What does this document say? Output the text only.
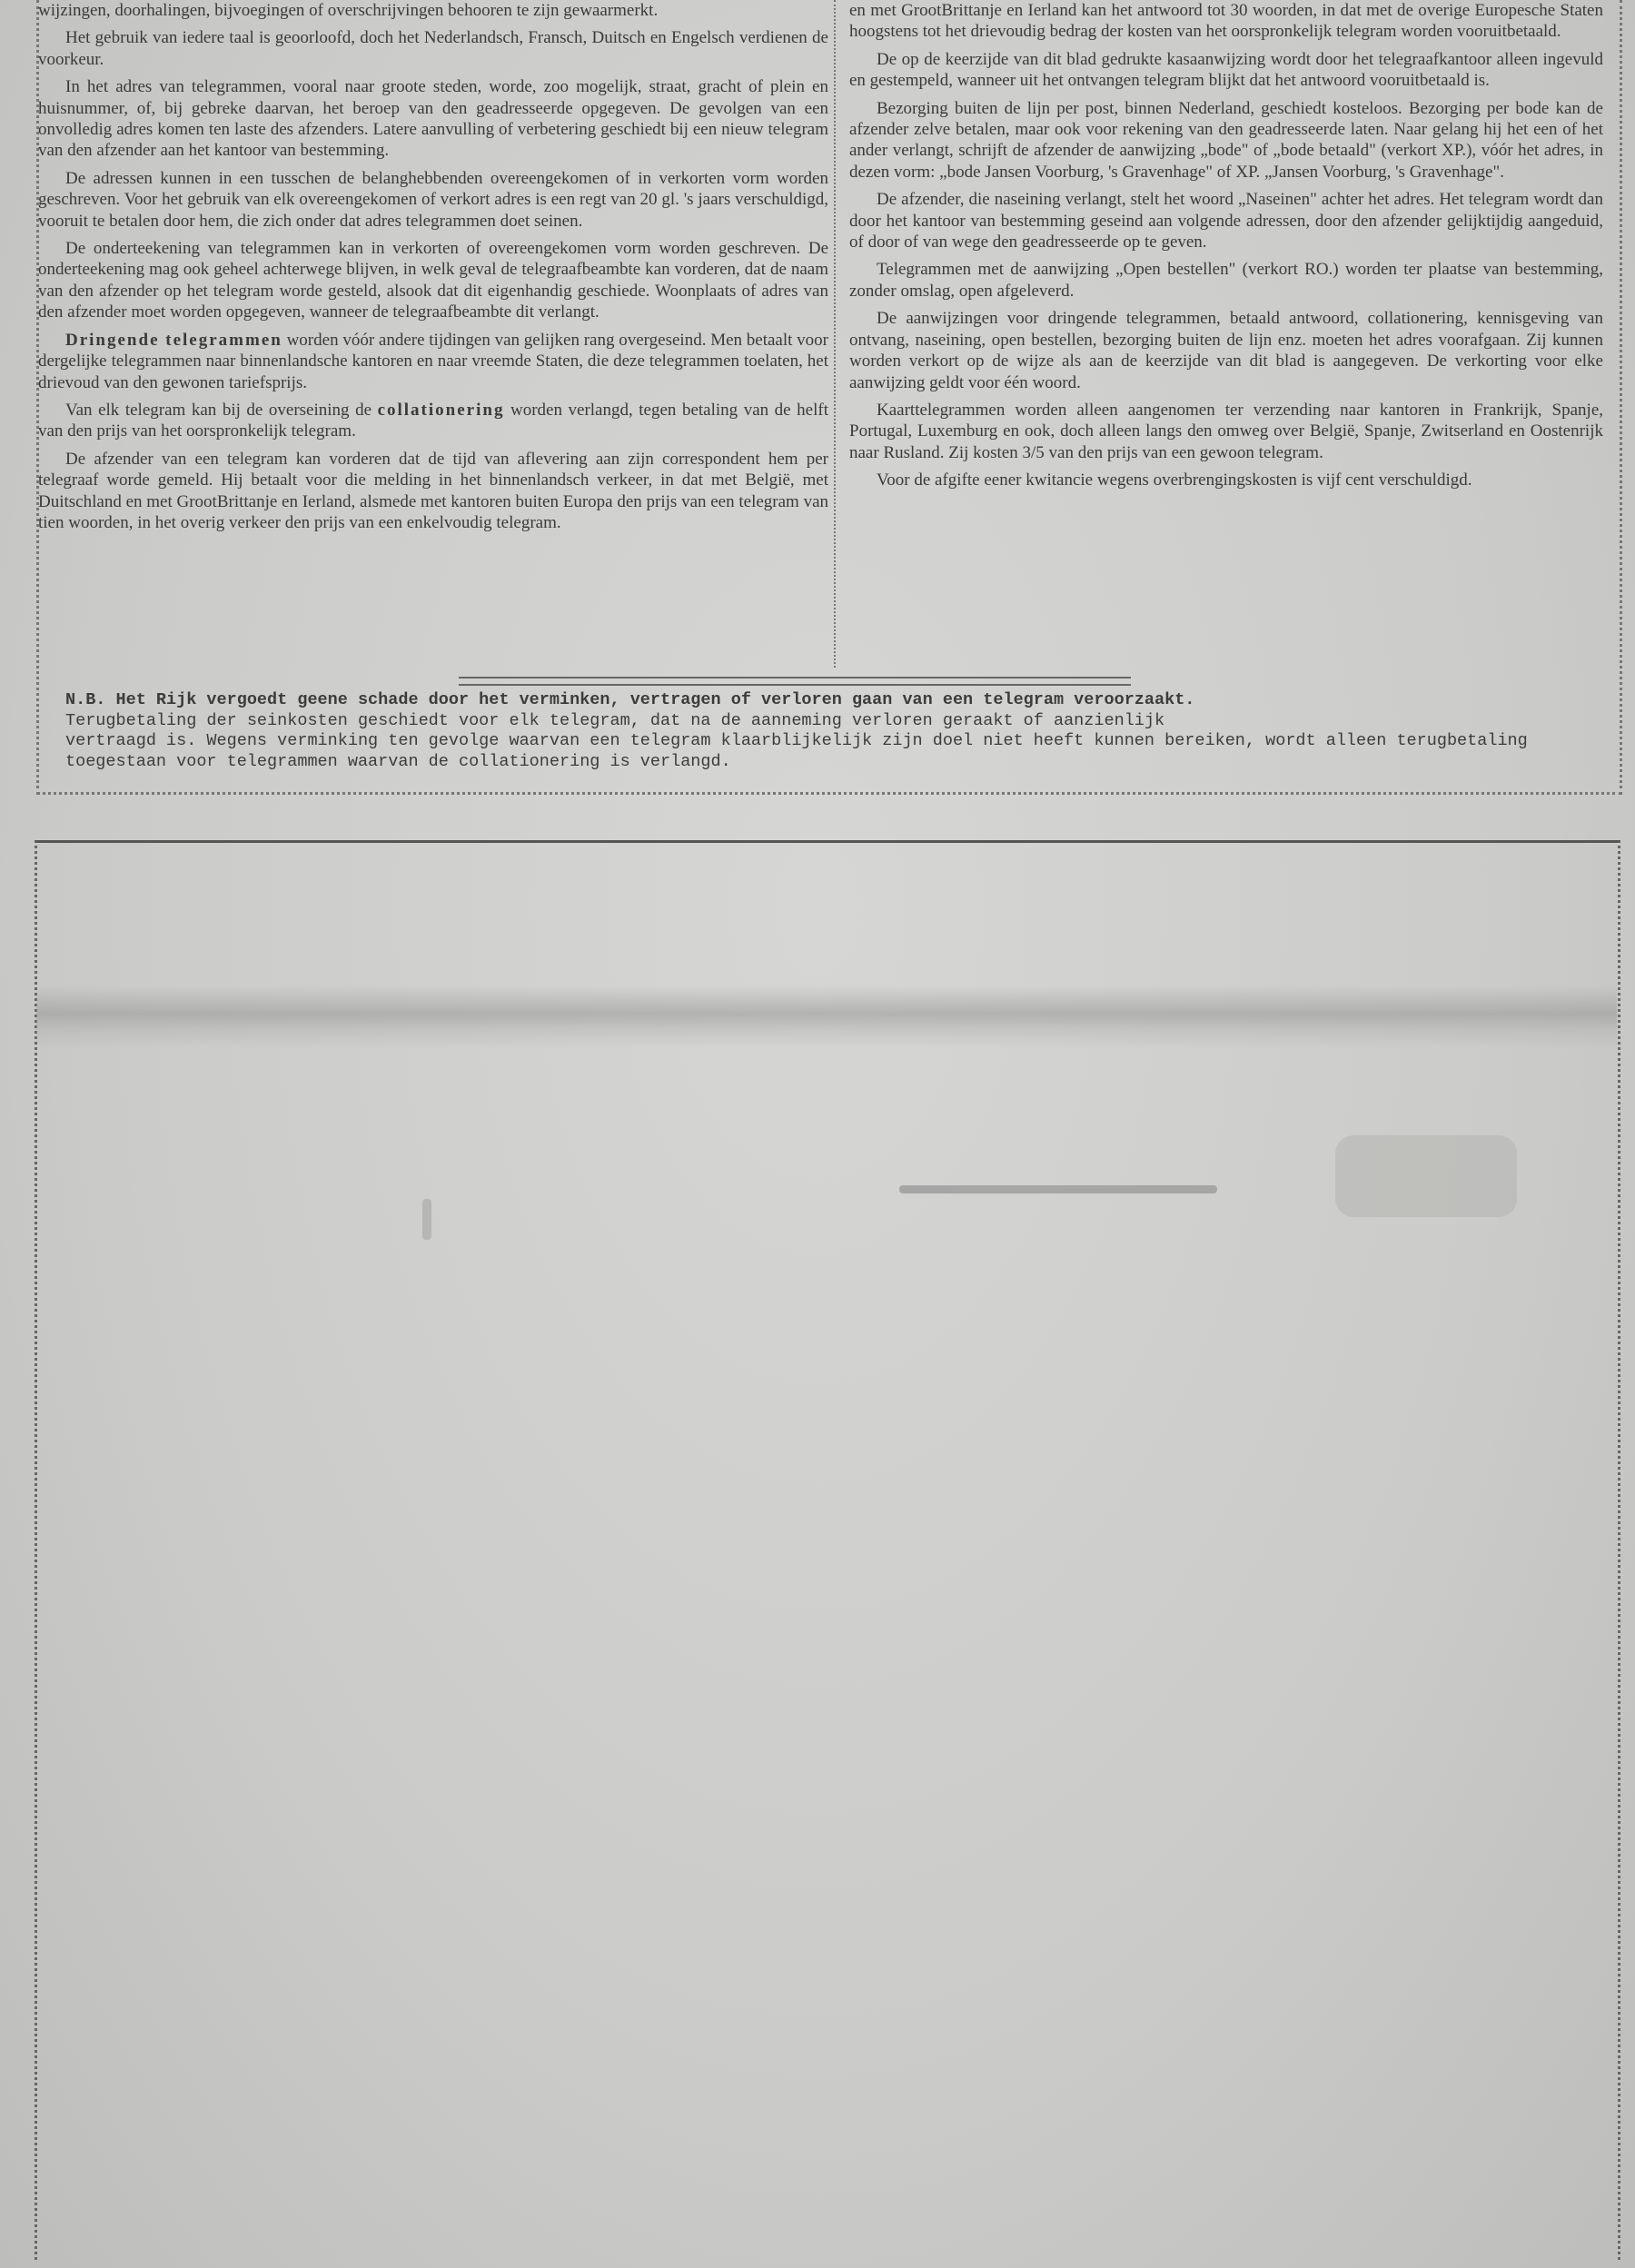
wijzingen, doorhalingen, bijvoegingen of overschrijvingen behooren te zijn gewaarmerkt.

Het gebruik van iedere taal is geoorloofd, doch het Nederlandsch, Fransch, Duitsch en Engelsch verdienen de voorkeur.

In het adres van telegrammen, vooral naar groote steden, worde, zoo mogelijk, straat, gracht of plein en huisnummer, of, bij gebreke daarvan, het beroep van den geadresseerde opgegeven. De gevolgen van een onvolledig adres komen ten laste des afzenders. Latere aanvulling of verbetering geschiedt bij een nieuw telegram van den afzender aan het kantoor van bestemming.

De adressen kunnen in een tusschen de belanghebbenden overeengekomen of in verkorten vorm worden geschreven. Voor het gebruik van elk overeengekomen of verkort adres is een regt van 20 gl. 's jaars verschuldigd, vooruit te betalen door hem, die zich onder dat adres telegrammen doet seinen.

De onderteekening van telegrammen kan in verkorten of overeengekomen vorm worden geschreven. De onderteekening mag ook geheel achterwege blijven, in welk geval de telegraafbeambte kan vorderen, dat de naam van den afzender op het telegram worde gesteld, alsook dat dit eigenhandig geschiede. Woonplaats of adres van den afzender moet worden opgegeven, wanneer de telegraafbeambte dit verlangt.

Dringende telegrammen worden vóór andere tijdingen van gelijken rang overgeseind. Men betaalt voor dergelijke telegrammen naar binnenlandsche kantoren en naar vreemde Staten, die deze telegrammen toelaten, het drievoud van den gewonen tariefsprijs.

Van elk telegram kan bij de overseining de collationering worden verlangd, tegen betaling van de helft van den prijs van het oorspronkelijk telegram.

De afzender van een telegram kan vorderen dat de tijd van aflevering aan zijn correspondent hem per telegraaf worde gemeld. Hij betaalt voor die melding in het binnenlandsch verkeer, in dat met België, met Duitschland en met GrootBrittanje en Ierland, alsmede met kantoren buiten Europa den prijs van een telegram van tien woorden, in het overig verkeer den prijs van een enkelvoudig telegram.

en met GrootBrittanje en Ierland kan het antwoord tot 30 woorden, in dat met de overige Europesche Staten hoogstens tot het drievoudig bedrag der kosten van het oorspronkelijk telegram worden vooruitbetaald.

De op de keerzijde van dit blad gedrukte kasaanwijzing wordt door het telegraafkantoor alleen ingevuld en gestempeld, wanneer uit het ontvangen telegram blijkt dat het antwoord vooruitbetaald is.

Bezorging buiten de lijn per post, binnen Nederland, geschiedt kosteloos. Bezorging per bode kan de afzender zelve betalen, maar ook voor rekening van den geadresseerde laten. Naar gelang hij het een of het ander verlangt, schrijft de afzender de aanwijzing „bode" of „bode betaald" (verkort XP.), vóór het adres, in dezen vorm: „bode Jansen Voorburg, 's Gravenhage" of XP. „Jansen Voorburg, 's Gravenhage".

De afzender, die naseining verlangt, stelt het woord „Naseinen" achter het adres. Het telegram wordt dan door het kantoor van bestemming geseind aan volgende adressen, door den afzender gelijktijdig aangeduid, of door of van wege den geadresseerde op te geven.

Telegrammen met de aanwijzing „Open bestellen" (verkort RO.) worden ter plaatse van bestemming, zonder omslag, open afgeleverd.

De aanwijzingen voor dringende telegrammen, betaald antwoord, collationering, kennisgeving van ontvang, naseining, open bestellen, bezorging buiten de lijn enz. moeten het adres voorafgaan. Zij kunnen worden verkort op de wijze als aan de keerzijde van dit blad is aangegeven. De verkorting voor elke aanwijzing geldt voor één woord.

Kaarttelegrammen worden alleen aangenomen ter verzending naar kantoren in Frankrijk, Spanje, Portugal, Luxemburg en ook, doch alleen langs den omweg over België, Spanje, Zwitserland en Oostenrijk naar Rusland. Zij kosten 3/5 van den prijs van een gewoon telegram.

Voor de afgifte eener kwitancie wegens overbrengingskosten is vijf cent verschuldigd.

N.B. Het Rijk vergoedt geene schade door het verminken, vertragen of verloren gaan van een telegram veroorzaakt.

Terugbetaling der seinkosten geschiedt voor elk telegram, dat na de aanneming verloren geraakt of aanzienlijk

vertraagd is. Wegens verminking ten gevolge waarvan een telegram klaarblijkelijk zijn doel niet heeft kunnen bereiken, wordt alleen terugbetaling

toegestaan voor telegrammen waarvan de collationering is verlangd.
